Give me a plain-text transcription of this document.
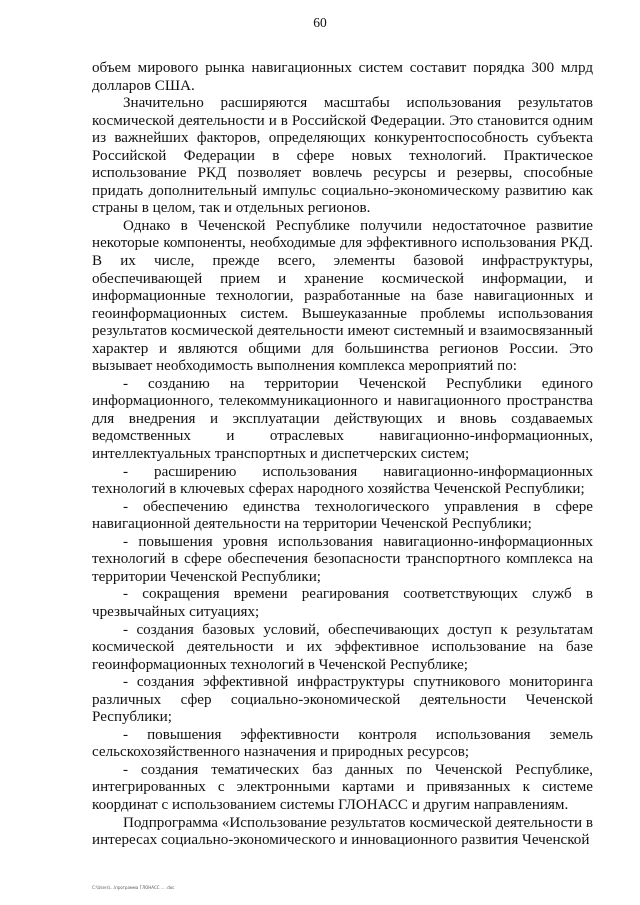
60

объем мирового рынка навигационных систем составит порядка 300 млрд долларов США.

Значительно расширяются масштабы использования результатов космической деятельности и в Российской Федерации. Это становится одним из важнейших факторов, определяющих конкурентоспособность субъекта Российской Федерации в сфере новых технологий. Практическое использование РКД позволяет вовлечь ресурсы и резервы, способные придать дополнительный импульс социально-экономическому развитию как страны в целом, так и отдельных регионов.

Однако в Чеченской Республике получили недостаточное развитие некоторые компоненты, необходимые для эффективного использования РКД. В их числе, прежде всего, элементы базовой инфраструктуры, обеспечивающей прием и хранение космической информации, и информационные технологии, разработанные на базе навигационных и геоинформационных систем. Вышеуказанные проблемы использования результатов космической деятельности имеют системный и взаимосвязанный характер и являются общими для большинства регионов России. Это вызывает необходимость выполнения комплекса мероприятий по:

- созданию на территории Чеченской Республики единого информационного, телекоммуникационного и навигационного пространства для внедрения и эксплуатации действующих и вновь создаваемых ведомственных и отраслевых навигационно-информационных, интеллектуальных транспортных и диспетчерских систем;

- расширению использования навигационно-информационных технологий в ключевых сферах народного хозяйства Чеченской Республики;

- обеспечению единства технологического управления в сфере навигационной деятельности на территории Чеченской Республики;

- повышения уровня использования навигационно-информационных технологий в сфере обеспечения безопасности транспортного комплекса на территории Чеченской Республики;

- сокращения времени реагирования соответствующих служб в чрезвычайных ситуациях;

- создания базовых условий, обеспечивающих доступ к результатам космической деятельности и их эффективное использование на базе геоинформационных технологий в Чеченской Республике;

- создания эффективной инфраструктуры спутникового мониторинга различных сфер социально-экономической деятельности Чеченской Республики;

- повышения эффективности контроля использования земель сельскохозяйственного назначения и природных ресурсов;

- создания тематических баз данных по Чеченской Республике, интегрированных с электронными картами и привязанных к системе координат с использованием системы ГЛОНАСС и другим направлениям.

Подпрограмма «Использование результатов космической деятельности в интересах социально-экономического и инновационного развития Чеченской

C:\Users\...\программа ГЛОНАСС ... .doc
